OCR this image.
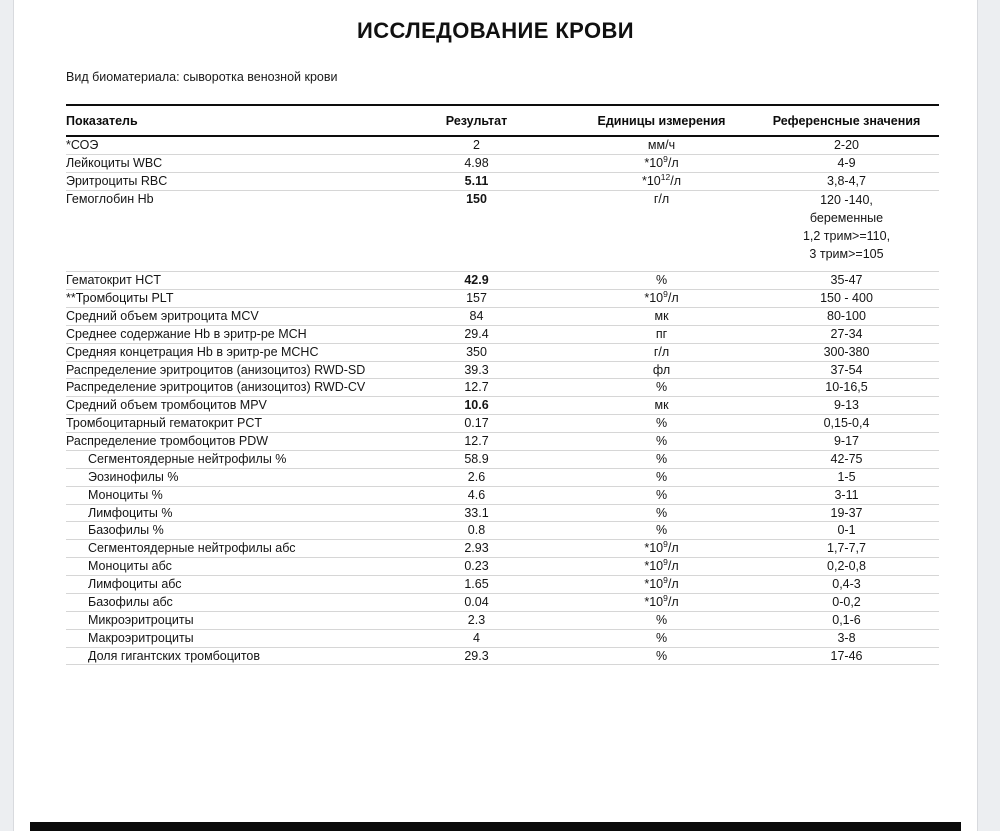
ИССЛЕДОВАНИЕ КРОВИ

Вид биоматериала: сыворотка венозной крови

Показатель	Результат	Единицы измерения	Референсные значения
*СОЭ	2	мм/ч	2-20
Лейкоциты WBC	4.98	$*10^9/л$	4-9
Эритроциты RBC	5.11	$*10^{12}/л$	3,8-4,7
Гемоглобин Hb	150	г/л	120 -140,
беременные
1,2 трим>=110,
3 трим>=105

Гематокрит HCT	42.9	%	35-47
**Тромбоциты PLT	157	$*10^9/л$	150 - 400
Средний объем эритроцита MCV	84	мк	80-100
Среднее содержание Hb в эритр-ре MCH	29.4	пг	27-34
Средняя концетрация Hb в эритр-ре MCHC	350	г/л	300-380
Распределение эритроцитов (анизоцитоз) RWD-SD	39.3	фл	37-54
Распределение эритроцитов (анизоцитоз) RWD-CV	12.7	%	10-16,5
Средний объем тромбоцитов MPV	10.6	мк	9-13
Тромбоцитарный гематокрит PCT	0.17	%	0,15-0,4
Распределение тромбоцитов PDW	12.7	%	9-17
Сегментоядерные нейтрофилы %	58.9	%	42-75
Эозинофилы %	2.6	%	1-5
Моноциты %	4.6	%	3-11
Лимфоциты %	33.1	%	19-37
Базофилы %	0.8	%	0-1
Сегментоядерные нейтрофилы абс	2.93	$*10^9/л$	1,7-7,7
Моноциты абс	0.23	$*10^9/л$	0,2-0,8
Лимфоциты абс	1.65	$*10^9/л$	0,4-3
Базофилы абс	0.04	$*10^9/л$	0-0,2
Микроэритроциты	2.3	%	0,1-6
Макроэритроциты	4	%	3-8
Доля гигантских тромбоцитов	29.3	%	17-46
